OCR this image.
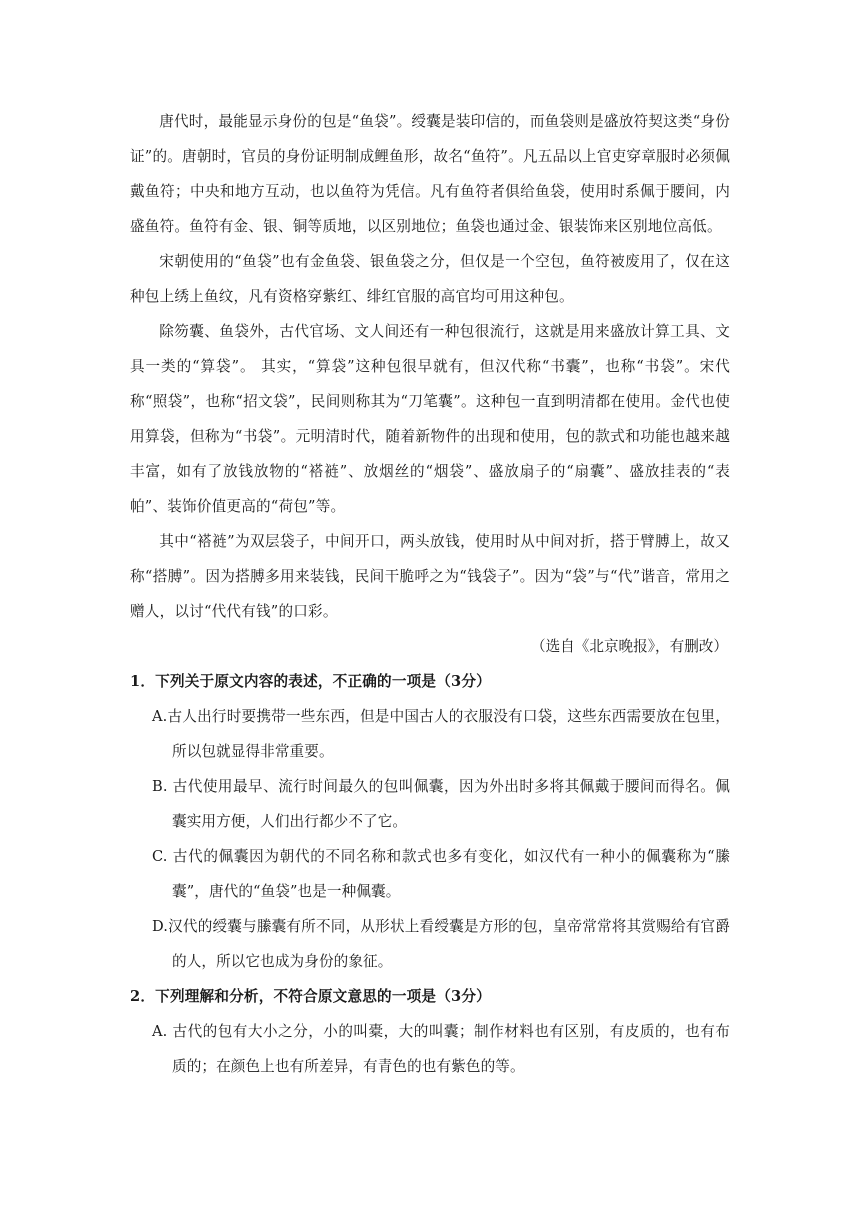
唐代时，最能显示身份的包是“鱼袋”。绶囊是装印信的，而鱼袋则是盛放符契这类“身份证”的。唐朝时，官员的身份证明制成鲤鱼形，故名“鱼符”。凡五品以上官吏穿章服时必须佩戴鱼符；中央和地方互动，也以鱼符为凭信。凡有鱼符者俱给鱼袋，使用时系佩于腰间，内盛鱼符。鱼符有金、银、铜等质地，以区别地位；鱼袋也通过金、银装饰来区别地位高低。

宋朝使用的“鱼袋”也有金鱼袋、银鱼袋之分，但仅是一个空包，鱼符被废用了，仅在这种包上绣上鱼纹，凡有资格穿紫红、绯红官服的高官均可用这种包。

除笏囊、鱼袋外，古代官场、文人间还有一种包很流行，这就是用来盛放计算工具、文具一类的“算袋”。 其实，“算袋”这种包很早就有，但汉代称“书囊”，也称“书袋”。宋代称“照袋”，也称“招文袋”，民间则称其为“刀笔囊”。这种包一直到明清都在使用。金代也使用算袋，但称为“书袋”。元明清时代，随着新物件的出现和使用，包的款式和功能也越来越丰富，如有了放钱放物的“褡裢”、放烟丝的“烟袋”、盛放扇子的“扇囊”、盛放挂表的“表帕”、装饰价值更高的“荷包”等。

其中“褡裢”为双层袋子，中间开口，两头放钱，使用时从中间对折，搭于臂膊上，故又称“搭膊”。因为搭膊多用来装钱，民间干脆呼之为“钱袋子”。因为“袋”与“代”谐音，常用之赠人，以讨“代代有钱”的口彩。

（选自《北京晚报》，有删改）

1．下列关于原文内容的表述，不正确的一项是（3分）

A.古人出行时要携带一些东西，但是中国古人的衣服没有口袋，这些东西需要放在包里，所以包就显得非常重要。

B. 古代使用最早、流行时间最久的包叫佩囊，因为外出时多将其佩戴于腰间而得名。佩囊实用方便，人们出行都少不了它。

C. 古代的佩囊因为朝代的不同名称和款式也多有变化，如汉代有一种小的佩囊称为“縢囊”，唐代的“鱼袋”也是一种佩囊。

D.汉代的绶囊与縢囊有所不同，从形状上看绶囊是方形的包，皇帝常常将其赏赐给有官爵的人，所以它也成为身份的象征。

2．下列理解和分析，不符合原文意思的一项是（3分）

A. 古代的包有大小之分，小的叫橐，大的叫囊；制作材料也有区别，有皮质的，也有布质的；在颜色上也有所差异，有青色的也有紫色的等。
